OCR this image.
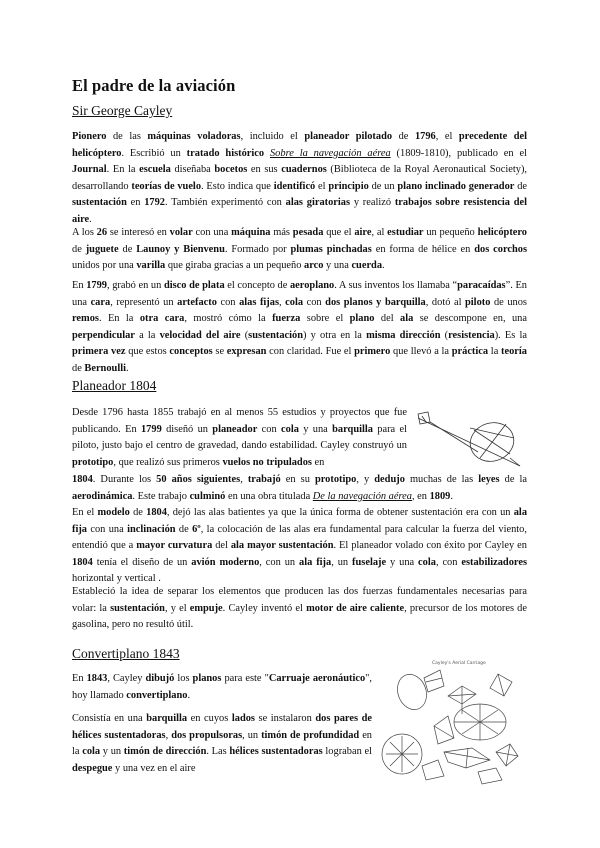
El padre de la aviación
Sir George Cayley

Pionero de las máquinas voladoras, incluido el planeador pilotado de 1796, el precedente del helicóptero. Escribió un tratado histórico Sobre la navegación aérea (1809-1810), publicado en el Journal. En la escuela diseñaba bocetos en sus cuadernos (Biblioteca de la Royal Aeronautical Society), desarrollando teorías de vuelo. Esto indica que identificó el principio de un plano inclinado generador de sustentación en 1792. También experimentó con alas giratorias y realizó trabajos sobre resistencia del aire.

A los 26 se interesó en volar con una máquina más pesada que el aire, al estudiar un pequeño helicóptero de juguete de Launoy y Bienvenu. Formado por plumas pinchadas en forma de hélice en dos corchos unidos por una varilla que giraba gracias a un pequeño arco y una cuerda.

En 1799, grabó en un disco de plata el concepto de aeroplano. A sus inventos los llamaba “paracaídas”. En una cara, representó un artefacto con alas fijas, cola con dos planos y barquilla, dotó al piloto de unos remos. En la otra cara, mostró cómo la fuerza sobre el plano del ala se descompone en, una perpendicular a la velocidad del aire (sustentación) y otra en la misma dirección (resistencia). Es la primera vez que estos conceptos se expresan con claridad. Fue el primero que llevó a la práctica la teoría de Bernoulli.

Planeador 1804

Desde 1796 hasta 1855 trabajó en al menos 55 estudios y proyectos que fue publicando. En 1799 diseñó un planeador con cola y una barquilla para el piloto, justo bajo el centro de gravedad, dando estabilidad. Cayley construyó un prototipo, que realizó sus primeros vuelos no tripulados en

1804. Durante los 50 años siguientes, trabajó en su prototipo, y dedujo muchas de las leyes de la aerodinámica. Este trabajo culminó en una obra titulada De la navegación aérea, en 1809.

En el modelo de 1804, dejó las alas batientes ya que la única forma de obtener sustentación era con un ala fija con una inclinación de 6º, la colocación de las alas era fundamental para calcular la fuerza del viento, entendió que a mayor curvatura del ala mayor sustentación. El planeador volado con éxito por Cayley en 1804 tenía el diseño de un avión moderno, con un ala fija, un fuselaje y una cola, con estabilizadores horizontal y vertical .

Estableció la idea de separar los elementos que producen las dos fuerzas fundamentales necesarias para volar: la sustentación, y el empuje. Cayley inventó el motor de aire caliente, precursor de los motores de gasolina, pero no resultó útil.

Convertiplano 1843

En 1843, Cayley dibujó los planos para este "Carruaje aeronáutico", hoy llamado convertiplano.

Consistía en una barquilla en cuyos lados se instalaron dos pares de hélices sustentadoras, dos propulsoras, un timón de profundidad en la cola y un timón de dirección. Las hélices sustentadoras lograban el despegue y una vez en el aire

Cayley's Aerial Carriage
